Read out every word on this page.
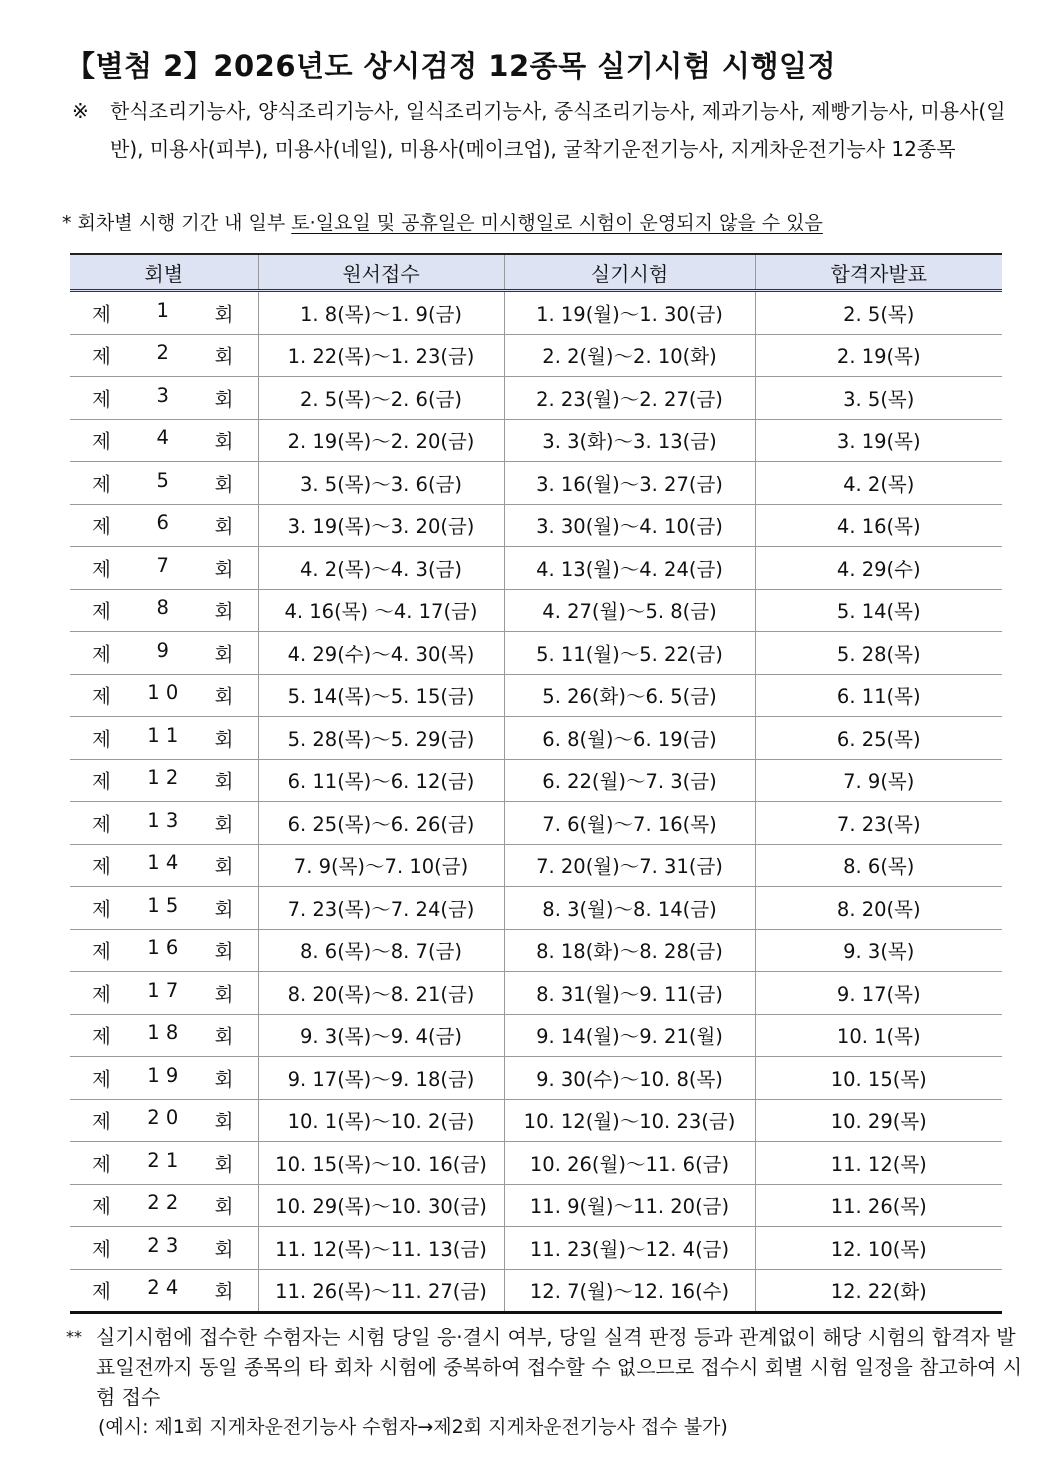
【별첨 2】2026년도 상시검정 12종목 실기시험 시행일정
※ 한식조리기능사, 양식조리기능사, 일식조리기능사, 중식조리기능사, 제과기능사, 제빵기능사, 미용사(일반), 미용사(피부), 미용사(네일), 미용사(메이크업), 굴착기운전기능사, 지게차운전기능사 12종목
* 회차별 시행 기간 내 일부 토·일요일 및 공휴일은 미시행일로 시험이 운영되지 않을 수 있음
회별	원서접수	실기시험	합격자발표

제 1 회	1. 8(목)～1. 9(금)	1. 19(월)～1. 30(금)	2. 5(목)

제 2 회	1. 22(목)～1. 23(금)	2. 2(월)～2. 10(화)	2. 19(목)

제 3 회	2. 5(목)～2. 6(금)	2. 23(월)～2. 27(금)	3. 5(목)

제 4 회	2. 19(목)～2. 20(금)	3. 3(화)～3. 13(금)	3. 19(목)

제 5 회	3. 5(목)～3. 6(금)	3. 16(월)～3. 27(금)	4. 2(목)

제 6 회	3. 19(목)～3. 20(금)	3. 30(월)～4. 10(금)	4. 16(목)

제 7 회	4. 2(목)～4. 3(금)	4. 13(월)～4. 24(금)	4. 29(수)

제 8 회	4. 16(목) ～4. 17(금)	4. 27(월)～5. 8(금)	5. 14(목)

제 9 회	4. 29(수)～4. 30(목)	5. 11(월)～5. 22(금)	5. 28(목)

제 1 0 회	5. 14(목)～5. 15(금)	5. 26(화)～6. 5(금)	6. 11(목)

제 1 1 회	5. 28(목)～5. 29(금)	6. 8(월)～6. 19(금)	6. 25(목)

제 1 2 회	6. 11(목)～6. 12(금)	6. 22(월)～7. 3(금)	7. 9(목)

제 1 3 회	6. 25(목)～6. 26(금)	7. 6(월)～7. 16(목)	7. 23(목)

제 1 4 회	7. 9(목)～7. 10(금)	7. 20(월)～7. 31(금)	8. 6(목)

제 1 5 회	7. 23(목)～7. 24(금)	8. 3(월)～8. 14(금)	8. 20(목)

제 1 6 회	8. 6(목)～8. 7(금)	8. 18(화)～8. 28(금)	9. 3(목)

제 1 7 회	8. 20(목)～8. 21(금)	8. 31(월)～9. 11(금)	9. 17(목)

제 1 8 회	9. 3(목)～9. 4(금)	9. 14(월)～9. 21(월)	10. 1(목)

제 1 9 회	9. 17(목)～9. 18(금)	9. 30(수)～10. 8(목)	10. 15(목)

제 2 0 회	10. 1(목)～10. 2(금)	10. 12(월)～10. 23(금)	10. 29(목)

제 2 1 회	10. 15(목)～10. 16(금)	10. 26(월)～11. 6(금)	11. 12(목)

제 2 2 회	10. 29(목)～10. 30(금)	11. 9(월)～11. 20(금)	11. 26(목)

제 2 3 회	11. 12(목)～11. 13(금)	11. 23(월)～12. 4(금)	12. 10(목)

제 2 4 회	11. 26(목)～11. 27(금)	12. 7(월)～12. 16(수)	12. 22(화)
** 실기시험에 접수한 수험자는 시험 당일 응·결시 여부, 당일 실격 판정 등과 관계없이 해당 시험의 합격자 발표일전까지 동일 종목의 타 회차 시험에 중복하여 접수할 수 없으므로 접수시 회별 시험 일정을 참고하여 시험 접수
(예시: 제1회 지게차운전기능사 수험자→제2회 지게차운전기능사 접수 불가)
